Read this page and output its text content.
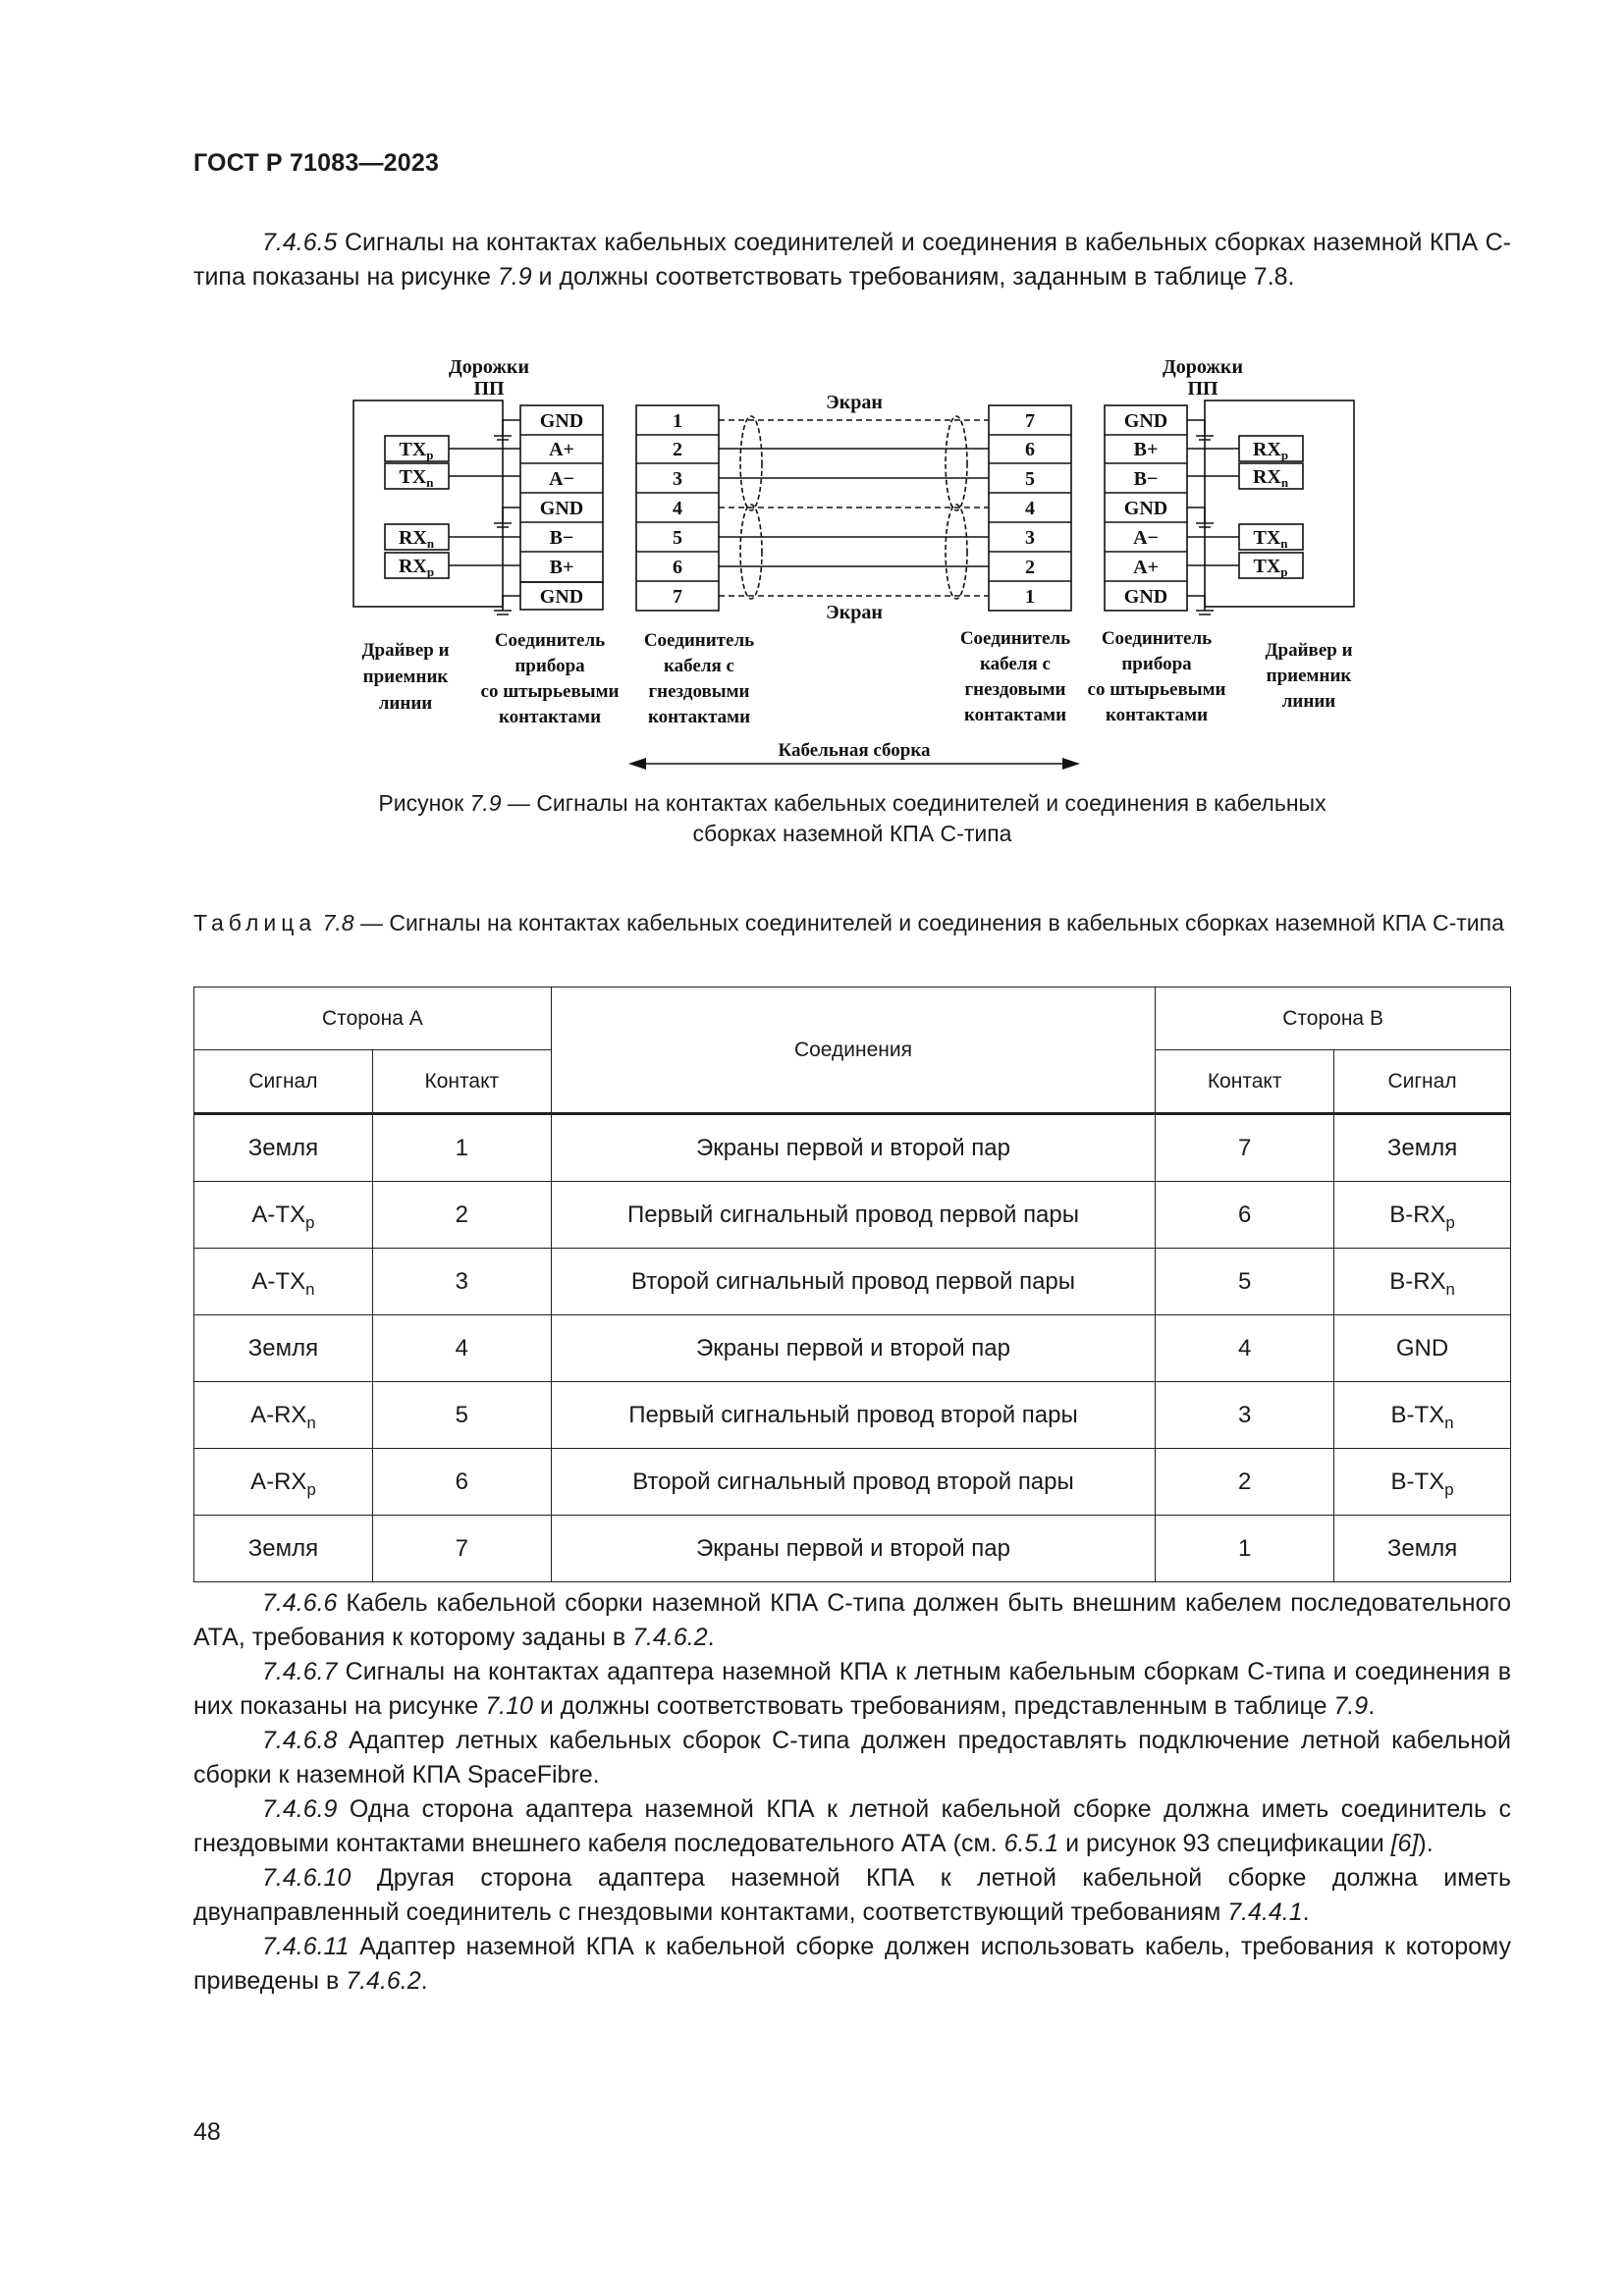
ГОСТ Р 71083—2023
7.4.6.5 Сигналы на контактах кабельных соединителей и соединения в кабельных сборках наземной КПА С-типа показаны на рисунке 7.9 и должны соответствовать требованиям, заданным в таблице 7.8.
Дорожки
ПП
Дорожки
ПП
Экран
Экран
$TX_p$
$TX_n$
$RX_n$
$RX_p$
$RX_p$
$RX_n$
$TX_n$
$TX_p$
GND
A+
A−
GND
B−
B+
GND
1
2
3
4
5
6
7
7
6
5
4
3
2
1
GND
B+
B−
GND
A−
A+
GND
Драйвер и
приемник
линии
Соединитель
прибора
со штырьевыми
контактами
Соединитель
кабеля с
гнездовыми
контактами
Соединитель
кабеля с
гнездовыми
контактами
Соединитель
прибора
со штырьевыми
контактами
Драйвер и
приемник
линии
Кабельная сборка
Рисунок 7.9 — Сигналы на контактах кабельных соединителей и соединения в кабельных
сборках наземной КПА С-типа
Таблица 7.8 — Сигналы на контактах кабельных соединителей и соединения в кабельных сборках наземной КПА С-типа
Сторона А		Соединения	Сторона В	
Сигнал	Контакт		Контакт	Сигнал
Земля	1	Экраны первой и второй пар	7	Земля
$A-TX_p$	2	Первый сигнальный провод первой пары	6	$B-RX_p$
$A-TX_n$	3	Второй сигнальный провод первой пары	5	$B-RX_n$
Земля	4	Экраны первой и второй пар	4	GND
$A-RX_n$	5	Первый сигнальный провод второй пары	3	$B-TX_n$
$A-RX_p$	6	Второй сигнальный провод второй пары	2	$B-TX_p$
Земля	7	Экраны первой и второй пар	1	Земля
7.4.6.6 Кабель кабельной сборки наземной КПА С-типа должен быть внешним кабелем последовательного АТА, требования к которому заданы в 7.4.6.2.
7.4.6.7 Сигналы на контактах адаптера наземной КПА к летным кабельным сборкам С-типа и соединения в них показаны на рисунке 7.10 и должны соответствовать требованиям, представленным в таблице 7.9.
7.4.6.8 Адаптер летных кабельных сборок С-типа должен предоставлять подключение летной кабельной сборки к наземной КПА SpaceFibre.
7.4.6.9 Одна сторона адаптера наземной КПА к летной кабельной сборке должна иметь соединитель с гнездовыми контактами внешнего кабеля последовательного АТА (см. 6.5.1 и рисунок 93 спецификации [6]).
7.4.6.10 Другая сторона адаптера наземной КПА к летной кабельной сборке должна иметь двунаправленный соединитель с гнездовыми контактами, соответствующий требованиям 7.4.4.1.
7.4.6.11 Адаптер наземной КПА к кабельной сборке должен использовать кабель, требования к которому приведены в 7.4.6.2.
48
